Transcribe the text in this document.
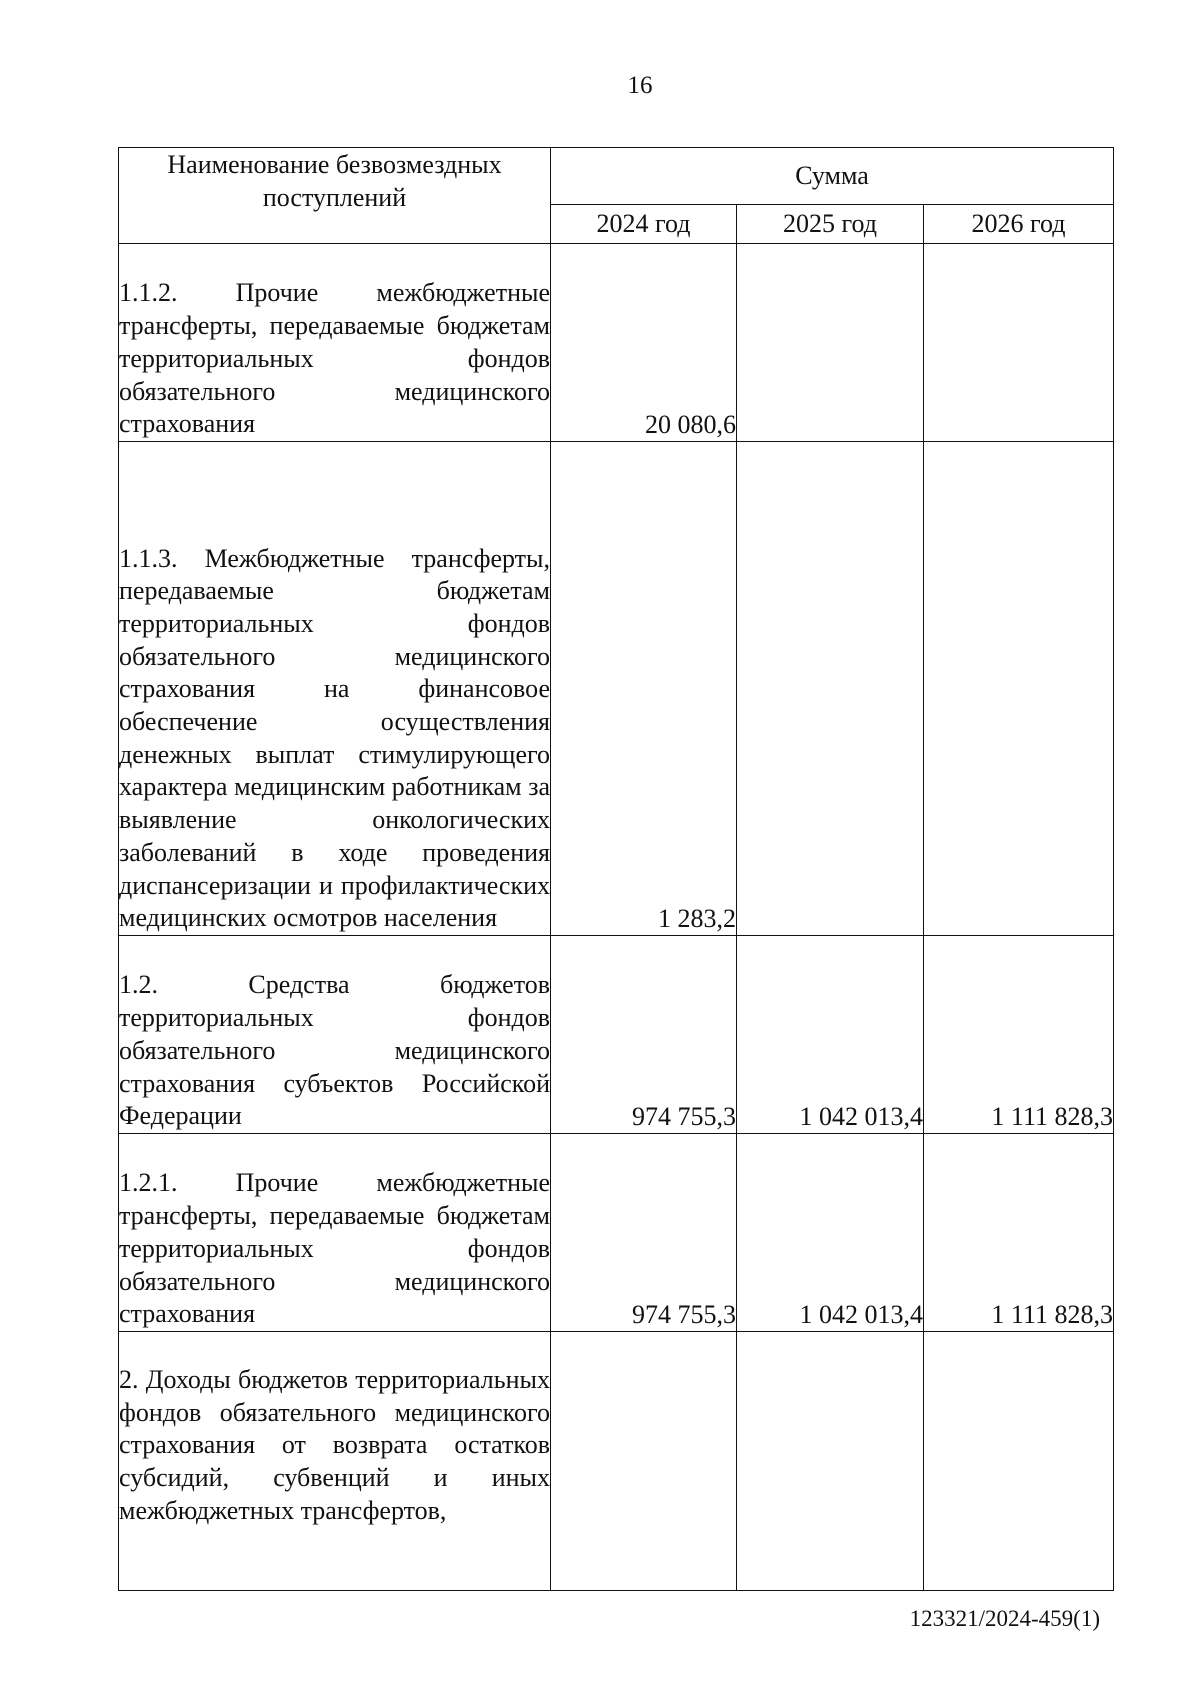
16
Наименование безвозмездных поступлений	Сумма		
	2024 год	2025 год	2026 год
1.1.2. Прочие межбюджетные трансферты, передаваемые бюджетам территориальных фондов обязательного медицинского страхования	20 080,6		
1.1.3. Межбюджетные трансферты, передаваемые бюджетам территориальных фондов обязательного медицинского страхования на финансовое обеспечение осуществления денежных выплат стимулирующего характера медицинским работникам за выявление онкологических заболеваний в ходе проведения диспансеризации и профилактических медицинских осмотров населения	1 283,2		
1.2. Средства бюджетов территориальных фондов обязательного медицинского страхования субъектов Российской Федерации	974 755,3	1 042 013,4	1 111 828,3
1.2.1. Прочие межбюджетные трансферты, передаваемые бюджетам территориальных фондов обязательного медицинского страхования	974 755,3	1 042 013,4	1 111 828,3
2. Доходы бюджетов территориальных фондов обязательного медицинского страхования от возврата остатков субсидий, субвенций и иных межбюджетных трансфертов,			
123321/2024-459(1)
